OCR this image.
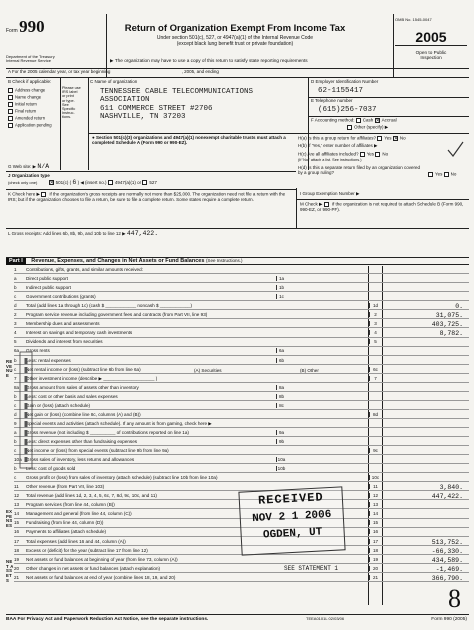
Form 990
Department of the Treasury
Internal Revenue Service
Return of Organization Exempt From Income Tax
Under section 501(c), 527, or 4947(a)(1) of the Internal Revenue Code
(except black lung benefit trust or private foundation)
▶ The organization may have to use a copy of this return to satisfy state reporting requirements
OMB No. 1545-0047
2005
Open to Public
Inspection
A For the 2005 calendar year, or tax year beginning	, 2005, and ending
B Check if applicable:
Address change
Name change
Initial return
Final return
Amended return
Application pending
Please use
IRS label
or print
or type.
See
Specific
Instruc-
tions.
C Name of organization
TENNESSEE CABLE TELECOMMUNICATIONS
ASSOCIATION
611 COMMERCE STREET #2706
NASHVILLE, TN 37203
D Employer Identification Number
62-1155417
E Telephone number
(615)256-7037
F Accounting method: Cash ✕ Accrual
Other (specify) ▶
● Section 501(c)(3) organizations and 4947(a)(1) nonexempt charitable trusts must attach a completed Schedule A (Form 990 or 990-EZ).
H(a) Is this a group return for affiliates? Yes ✕ No
H(b) If 'Yes,' enter number of affiliates ▶
H(c) Are all affiliates included? Yes No
(If 'No,' attach a list. See instructions.)
H(d) Is this a separate return filed by an organization covered by a group ruling?	Yes No
G Web site: ▶ N/A
J Organization type
(check only one) ✕	501(c) ( 6 ) ◀ (insert no.) 4947(a)(1) or 527
K Check here ▶ if the organization's gross receipts are normally not more than $25,000. The organization need not file a return with the IRS; but if the organization chooses to file a return, be sure to file a complete return. Some states require a complete return.
I Group Exemption Number ▶
M Check ▶ if the organization is not required to attach Schedule B (Form 990, 990-EZ, or 990-PF).
L Gross receipts: Add lines 6b, 8b, 9b, and 10b to line 12 ▶ 447,422.
Part I Revenue, Expenses, and Changes in Net Assets or Fund Balances (See Instructions.)
REVENUE
EXPENSES
NET ASSETS
1	Contributions, gifts, grants, and similar amounts received:
a	Direct public support	1a
b	Indirect public support	1b
c	Government contributions (grants)	1c
d	Total (add lines 1a through 1c) (cash $ ____________ noncash $ ____________)	1d	0.
2	Program service revenue including government fees and contracts (from Part VII, line 93)	2	31,075.
3	Membership dues and assessments	3	403,725.
4	Interest on savings and temporary cash investments	4	8,782.
5	Dividends and interest from securities	5
6a	Gross rents	6a
b	Less: rental expenses	6b
c	Net rental income or (loss) (subtract line 6b from line 6a)	6c
7	Other investment income (describe ▶ ____________________ )	7
8a	Gross amount from sales of assets other than inventory	8a
b	Less: cost or other basis and sales expenses	8b
c	Gain or (loss) (attach schedule)	8c
d	Net gain or (loss) (combine line 8c, columns (A) and (B))	8d
9	Special events and activities (attach schedule). If any amount is from gaming, check here ▶
a	Gross revenue (not including $ __________ of contributions reported on line 1a)	9a
b	Less: direct expenses other than fundraising expenses	9b
c	Net income or (loss) from special events (subtract line 9b from line 9a)	9c
10a Gross sales of inventory, less returns and allowances	10a
b	Less: cost of goods sold	10b
c	Gross profit or (loss) from sales of inventory (attach schedule) (subtract line 10b from line 10a)	10c
11	Other revenue (from Part VII, line 103)	11	3,840.
12	Total revenue (add lines 1d, 2, 3, 4, 5, 6c, 7, 8d, 9c, 10c, and 11)	12	447,422.
13	Program services (from line 44, column (B))	13
14	Management and general (from line 44, column (C))	14
15	Fundraising (from line 44, column (D))	15
16	Payments to affiliates (attach schedule)	16
17	Total expenses (add lines 16 and 44, column (A))	17	513,752.
18	Excess or (deficit) for the year (subtract line 17 from line 12)	18	-66,330.
19	Net assets or fund balances at beginning of year (from line 73, column (A))	19	434,589.
20	Other changes in net assets or fund balances (attach explanation)	SEE STATEMENT 1	20	-1,469.
21	Net assets or fund balances at end of year (combine lines 18, 19, and 20)	21	366,790.
(A) Securities	(B) Other
RECEIVED
NOV 2 1 2006
OGDEN, UT
8
BAA For Privacy Act and Paperwork Reduction Act Notice, see the separate instructions.	TEEA0101L 02/03/06	Form 990 (2005)
